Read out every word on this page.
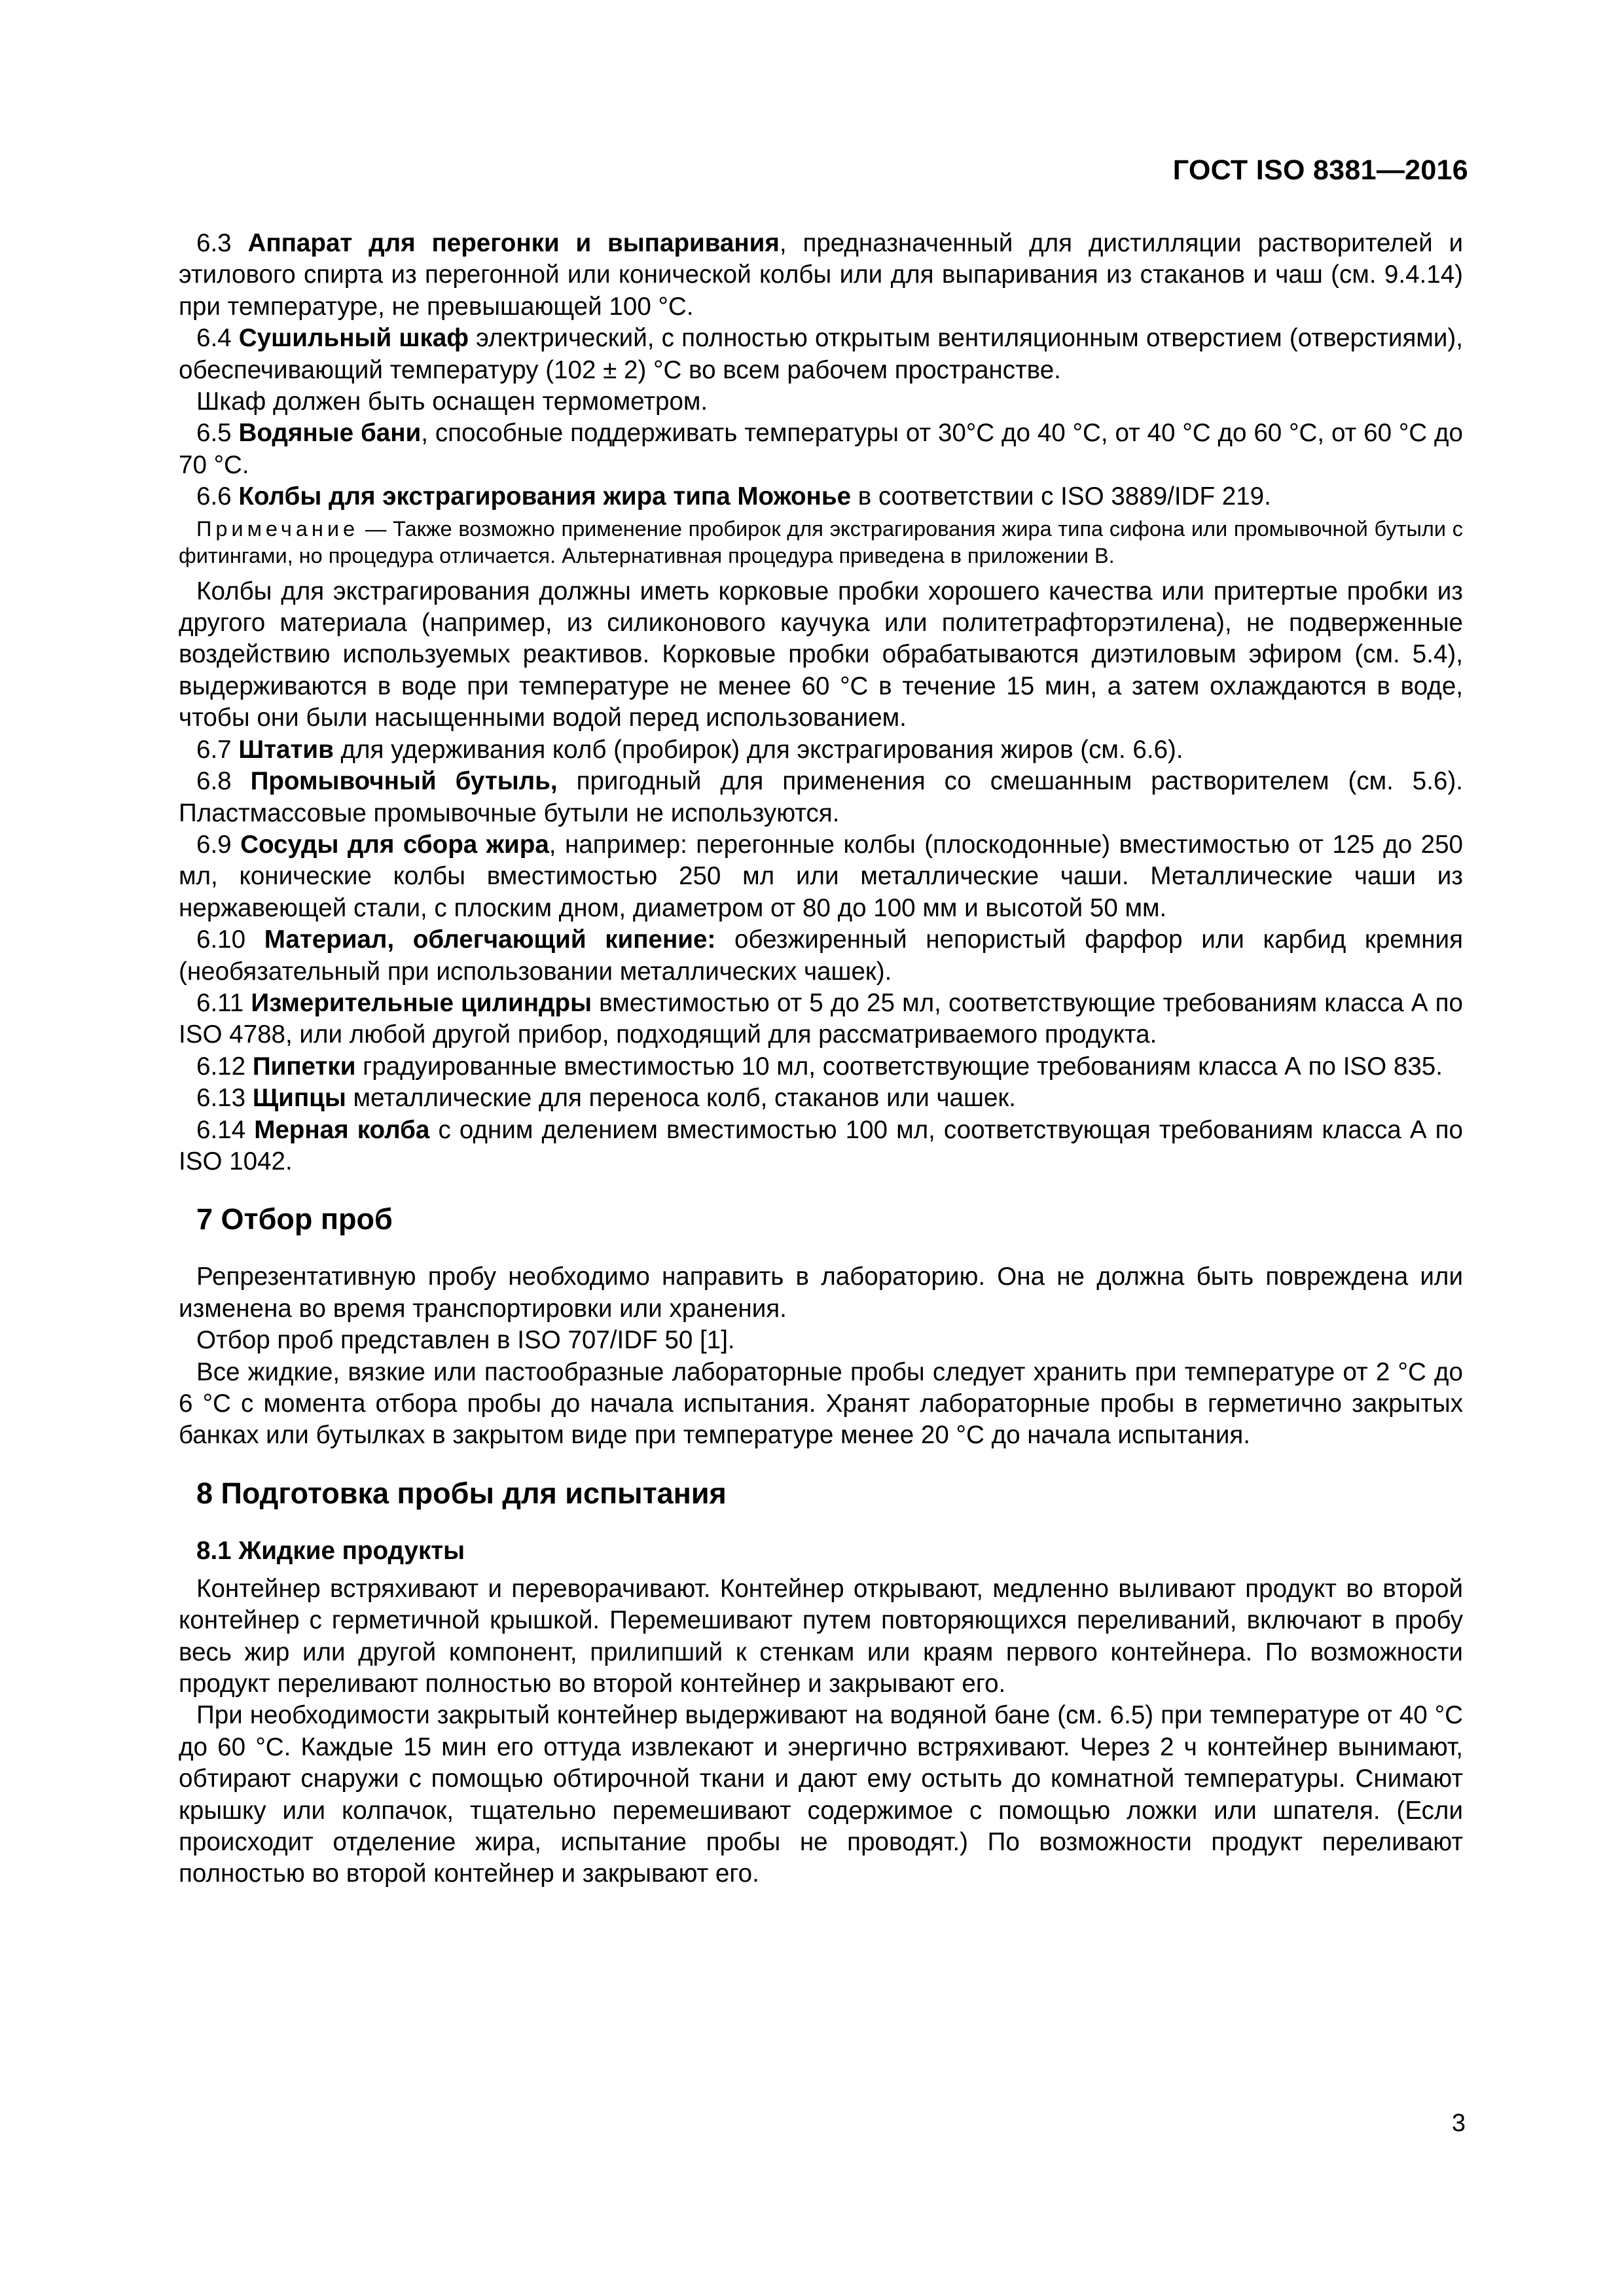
ГОСТ ISO 8381—2016

6.3 Аппарат для перегонки и выпаривания, предназначенный для дистилляции растворителей и этилового спирта из перегонной или конической колбы или для выпаривания из стаканов и чаш (см. 9.4.14) при температуре, не превышающей 100 °С.

6.4 Сушильный шкаф электрический, с полностью открытым вентиляционным отверстием (отверстиями), обеспечивающий температуру (102 ± 2) °С во всем рабочем пространстве.

Шкаф должен быть оснащен термометром.

6.5 Водяные бани, способные поддерживать температуры от 30°С до 40 °С, от 40 °С до 60 °С, от 60 °С до 70 °С.

6.6 Колбы для экстрагирования жира типа Можонье в соответствии с ISO 3889/IDF 219.

Примечание — Также возможно применение пробирок для экстрагирования жира типа сифона или промывочной бутыли с фитингами, но процедура отличается. Альтернативная процедура приведена в приложении В.

Колбы для экстрагирования должны иметь корковые пробки хорошего качества или притертые пробки из другого материала (например, из силиконового каучука или политетрафторэтилена), не подверженные воздействию используемых реактивов. Корковые пробки обрабатываются диэтиловым эфиром (см. 5.4), выдерживаются в воде при температуре не менее 60 °С в течение 15 мин, а затем охлаждаются в воде, чтобы они были насыщенными водой перед использованием.

6.7 Штатив для удерживания колб (пробирок) для экстрагирования жиров (см. 6.6).

6.8 Промывочный бутыль, пригодный для применения со смешанным растворителем (см. 5.6). Пластмассовые промывочные бутыли не используются.

6.9 Сосуды для сбора жира, например: перегонные колбы (плоскодонные) вместимостью от 125 до 250 мл, конические колбы вместимостью 250 мл или металлические чаши. Металлические чаши из нержавеющей стали, с плоским дном, диаметром от 80 до 100 мм и высотой 50 мм.

6.10 Материал, облегчающий кипение: обезжиренный непористый фарфор или карбид кремния (необязательный при использовании металлических чашек).

6.11 Измерительные цилиндры вместимостью от 5 до 25 мл, соответствующие требованиям класса А по ISO 4788, или любой другой прибор, подходящий для рассматриваемого продукта.

6.12 Пипетки градуированные вместимостью 10 мл, соответствующие требованиям класса А по ISO 835.

6.13 Щипцы металлические для переноса колб, стаканов или чашек.

6.14 Мерная колба с одним делением вместимостью 100 мл, соответствующая требованиям класса А по ISO 1042.

7 Отбор проб

Репрезентативную пробу необходимо направить в лабораторию. Она не должна быть повреждена или изменена во время транспортировки или хранения.

Отбор проб представлен в ISO 707/IDF 50 [1].

Все жидкие, вязкие или пастообразные лабораторные пробы следует хранить при температуре от 2 °С до 6 °С с момента отбора пробы до начала испытания. Хранят лабораторные пробы в герметично закрытых банках или бутылках в закрытом виде при температуре менее 20 °С до начала испытания.

8 Подготовка пробы для испытания
8.1 Жидкие продукты

Контейнер встряхивают и переворачивают. Контейнер открывают, медленно выливают продукт во второй контейнер с герметичной крышкой. Перемешивают путем повторяющихся переливаний, включают в пробу весь жир или другой компонент, прилипший к стенкам или краям первого контейнера. По возможности продукт переливают полностью во второй контейнер и закрывают его.

При необходимости закрытый контейнер выдерживают на водяной бане (см. 6.5) при температуре от 40 °С до 60 °С. Каждые 15 мин его оттуда извлекают и энергично встряхивают. Через 2 ч контейнер вынимают, обтирают снаружи с помощью обтирочной ткани и дают ему остыть до комнатной температуры. Снимают крышку или колпачок, тщательно перемешивают содержимое с помощью ложки или шпателя. (Если происходит отделение жира, испытание пробы не проводят.) По возможности продукт переливают полностью во второй контейнер и закрывают его.

3
